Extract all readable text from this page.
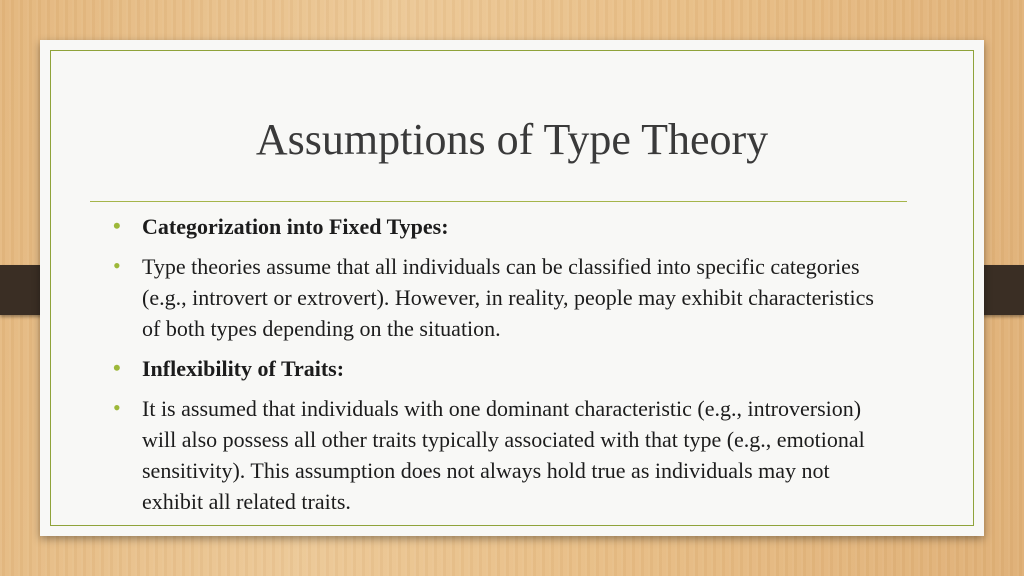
Assumptions of Type Theory
• Categorization into Fixed Types:
• Type theories assume that all individuals can be classified into specific categories (e.g., introvert or extrovert). However, in reality, people may exhibit characteristics of both types depending on the situation.
• Inflexibility of Traits:
• It is assumed that individuals with one dominant characteristic (e.g., introversion) will also possess all other traits typically associated with that type (e.g., emotional sensitivity). This assumption does not always hold true as individuals may not exhibit all related traits.
